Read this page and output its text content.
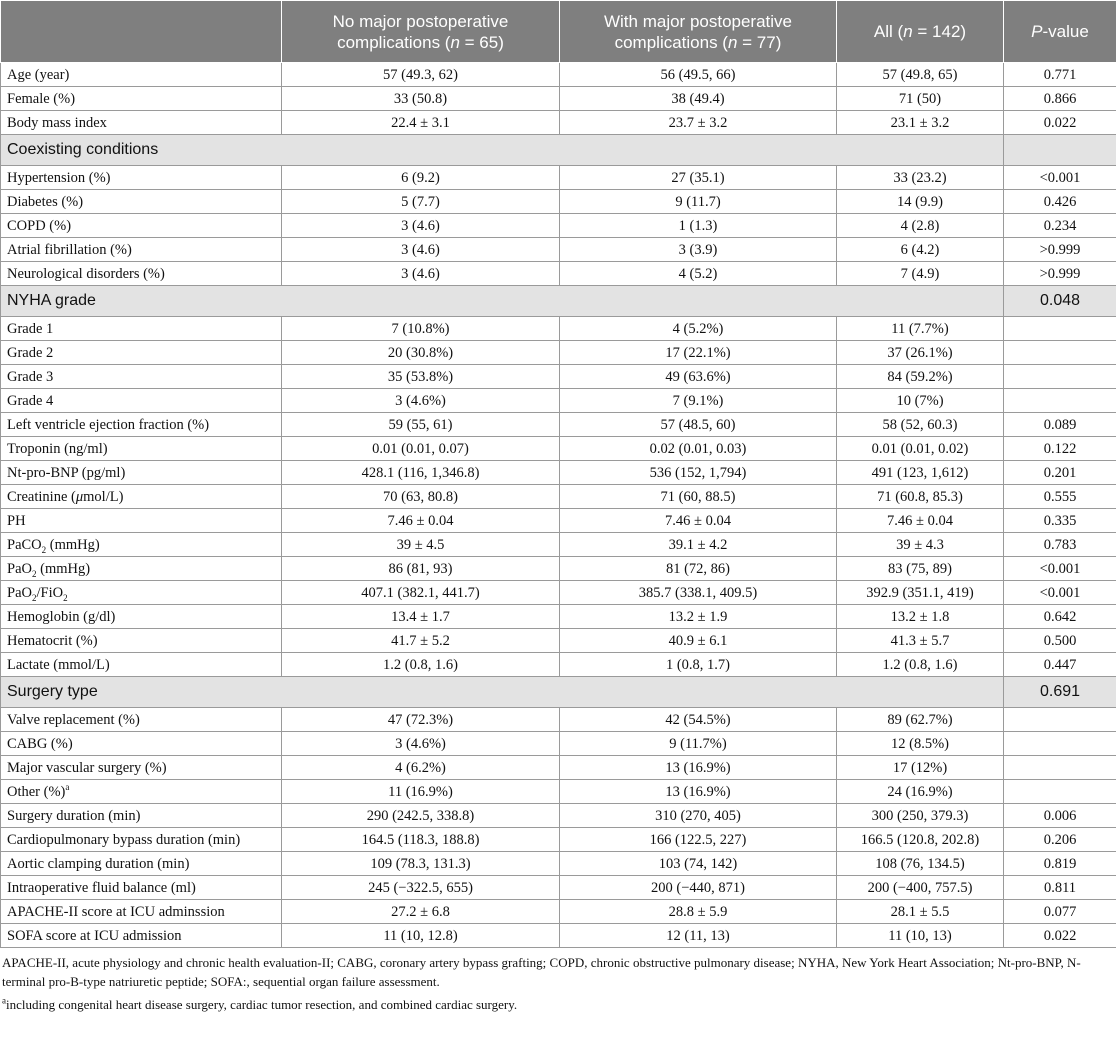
	No major postoperative complications (n = 65)	With major postoperative complications (n = 77)	All (n = 142)	P-value
Age (year)	57 (49.3, 62)	56 (49.5, 66)	57 (49.8, 65)	0.771
Female (%)	33 (50.8)	38 (49.4)	71 (50)	0.866
Body mass index	22.4 ± 3.1	23.7 ± 3.2	23.1 ± 3.2	0.022
Coexisting conditions				
Hypertension (%)	6 (9.2)	27 (35.1)	33 (23.2)	<0.001
Diabetes (%)	5 (7.7)	9 (11.7)	14 (9.9)	0.426
COPD (%)	3 (4.6)	1 (1.3)	4 (2.8)	0.234
Atrial fibrillation (%)	3 (4.6)	3 (3.9)	6 (4.2)	>0.999
Neurological disorders (%)	3 (4.6)	4 (5.2)	7 (4.9)	>0.999
NYHA grade				0.048
Grade 1	7 (10.8%)	4 (5.2%)	11 (7.7%)	
Grade 2	20 (30.8%)	17 (22.1%)	37 (26.1%)	
Grade 3	35 (53.8%)	49 (63.6%)	84 (59.2%)	
Grade 4	3 (4.6%)	7 (9.1%)	10 (7%)	
Left ventricle ejection fraction (%)	59 (55, 61)	57 (48.5, 60)	58 (52, 60.3)	0.089
Troponin (ng/ml)	0.01 (0.01, 0.07)	0.02 (0.01, 0.03)	0.01 (0.01, 0.02)	0.122
Nt-pro-BNP (pg/ml)	428.1 (116, 1,346.8)	536 (152, 1,794)	491 (123, 1,612)	0.201
Creatinine (μmol/L)	70 (63, 80.8)	71 (60, 88.5)	71 (60.8, 85.3)	0.555
PH	7.46 ± 0.04	7.46 ± 0.04	7.46 ± 0.04	0.335
PaCO$_2$ (mmHg)	39 ± 4.5	39.1 ± 4.2	39 ± 4.3	0.783
PaO$_2$ (mmHg)	86 (81, 93)	81 (72, 86)	83 (75, 89)	<0.001
PaO$_2$/FiO$_2$	407.1 (382.1, 441.7)	385.7 (338.1, 409.5)	392.9 (351.1, 419)	<0.001
Hemoglobin (g/dl)	13.4 ± 1.7	13.2 ± 1.9	13.2 ± 1.8	0.642
Hematocrit (%)	41.7 ± 5.2	40.9 ± 6.1	41.3 ± 5.7	0.500
Lactate (mmol/L)	1.2 (0.8, 1.6)	1 (0.8, 1.7)	1.2 (0.8, 1.6)	0.447
Surgery type				0.691
Valve replacement (%)	47 (72.3%)	42 (54.5%)	89 (62.7%)	
CABG (%)	3 (4.6%)	9 (11.7%)	12 (8.5%)	
Major vascular surgery (%)	4 (6.2%)	13 (16.9%)	17 (12%)	
Other (%)$^a$	11 (16.9%)	13 (16.9%)	24 (16.9%)	
Surgery duration (min)	290 (242.5, 338.8)	310 (270, 405)	300 (250, 379.3)	0.006
Cardiopulmonary bypass duration (min)	164.5 (118.3, 188.8)	166 (122.5, 227)	166.5 (120.8, 202.8)	0.206
Aortic clamping duration (min)	109 (78.3, 131.3)	103 (74, 142)	108 (76, 134.5)	0.819
Intraoperative fluid balance (ml)	245 (−322.5, 655)	200 (−440, 871)	200 (−400, 757.5)	0.811
APACHE-II score at ICU adminssion	27.2 ± 6.8	28.8 ± 5.9	28.1 ± 5.5	0.077
SOFA score at ICU admission	11 (10, 12.8)	12 (11, 13)	11 (10, 13)	0.022
APACHE-II, acute physiology and chronic health evaluation-II; CABG, coronary artery bypass grafting; COPD, chronic obstructive pulmonary disease; NYHA, New York Heart Association; Nt-pro-BNP, N-terminal pro-B-type natriuretic peptide; SOFA:, sequential organ failure assessment.
$^a$including congenital heart disease surgery, cardiac tumor resection, and combined cardiac surgery.
